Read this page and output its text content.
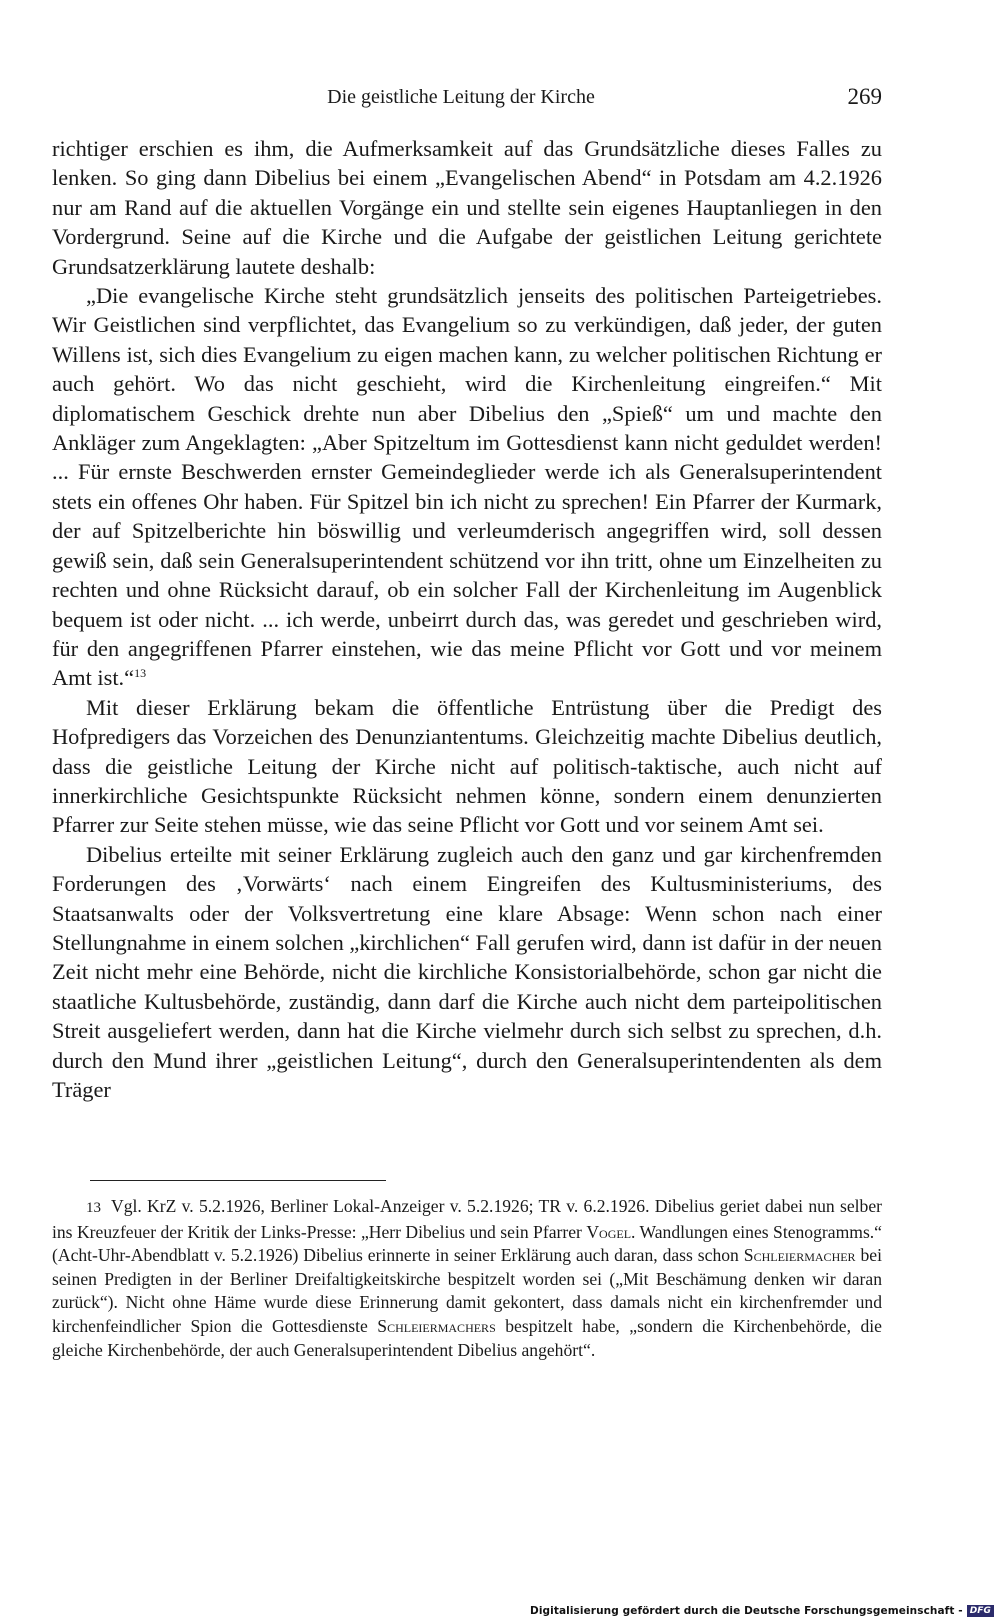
Die geistliche Leitung der Kirche	269

richtiger erschien es ihm, die Aufmerksamkeit auf das Grundsätzliche dieses Falles zu lenken. So ging dann Dibelius bei einem „Evangelischen Abend“ in Potsdam am 4.2.1926 nur am Rand auf die aktuellen Vorgänge ein und stellte sein eigenes Hauptanliegen in den Vordergrund. Seine auf die Kirche und die Aufgabe der geistlichen Leitung gerichtete Grundsatzerklärung lautete deshalb:

„Die evangelische Kirche steht grundsätzlich jenseits des politischen Parteigetriebes. Wir Geistlichen sind verpflichtet, das Evangelium so zu verkündigen, daß jeder, der guten Willens ist, sich dies Evangelium zu eigen machen kann, zu welcher politischen Richtung er auch gehört. Wo das nicht geschieht, wird die Kirchenleitung eingreifen.“ Mit diplomatischem Geschick drehte nun aber Dibelius den „Spieß“ um und machte den Ankläger zum Angeklagten: „Aber Spitzeltum im Gottesdienst kann nicht geduldet werden! ... Für ernste Beschwerden ernster Gemeindeglieder werde ich als Generalsuperintendent stets ein offenes Ohr haben. Für Spitzel bin ich nicht zu sprechen! Ein Pfarrer der Kurmark, der auf Spitzelberichte hin böswillig und verleumderisch angegriffen wird, soll dessen gewiß sein, daß sein Generalsuperintendent schützend vor ihn tritt, ohne um Einzelheiten zu rechten und ohne Rücksicht darauf, ob ein solcher Fall der Kirchenleitung im Augenblick bequem ist oder nicht. ... ich werde, unbeirrt durch das, was geredet und geschrieben wird, für den angegriffenen Pfarrer einstehen, wie das meine Pflicht vor Gott und vor meinem Amt ist.“$^{13}$

Mit dieser Erklärung bekam die öffentliche Entrüstung über die Predigt des Hofpredigers das Vorzeichen des Denunziantentums. Gleichzeitig machte Dibelius deutlich, dass die geistliche Leitung der Kirche nicht auf politisch-taktische, auch nicht auf innerkirchliche Gesichtspunkte Rücksicht nehmen könne, sondern einem denunzierten Pfarrer zur Seite stehen müsse, wie das seine Pflicht vor Gott und vor seinem Amt sei.

Dibelius erteilte mit seiner Erklärung zugleich auch den ganz und gar kirchenfremden Forderungen des ‚Vorwärts‘ nach einem Eingreifen des Kultusministeriums, des Staatsanwalts oder der Volksvertretung eine klare Absage: Wenn schon nach einer Stellungnahme in einem solchen „kirchlichen“ Fall gerufen wird, dann ist dafür in der neuen Zeit nicht mehr eine Behörde, nicht die kirchliche Konsistorialbehörde, schon gar nicht die staatliche Kultusbehörde, zuständig, dann darf die Kirche auch nicht dem parteipolitischen Streit ausgeliefert werden, dann hat die Kirche vielmehr durch sich selbst zu sprechen, d.h. durch den Mund ihrer „geistlichen Leitung“, durch den Generalsuperintendenten als dem Träger

13 Vgl. KrZ v. 5.2.1926, Berliner Lokal-Anzeiger v. 5.2.1926; TR v. 6.2.1926. Dibelius geriet dabei nun selber ins Kreuzfeuer der Kritik der Links-Presse: „Herr Dibelius und sein Pfarrer Vogel. Wandlungen eines Stenogramms.“ (Acht-Uhr-Abendblatt v. 5.2.1926) Dibelius erinnerte in seiner Erklärung auch daran, dass schon Schleiermacher bei seinen Predigten in der Berliner Dreifaltigkeitskirche bespitzelt worden sei („Mit Beschämung denken wir daran zurück“). Nicht ohne Häme wurde diese Erinnerung damit gekontert, dass damals nicht ein kirchenfremder und kirchenfeindlicher Spion die Gottesdienste Schleiermachers bespitzelt habe, „sondern die Kirchenbehörde, die gleiche Kirchenbehörde, der auch Generalsuperintendent Dibelius angehört“.

Digitalisierung gefördert durch die Deutsche Forschungsgemeinschaft - DFG
